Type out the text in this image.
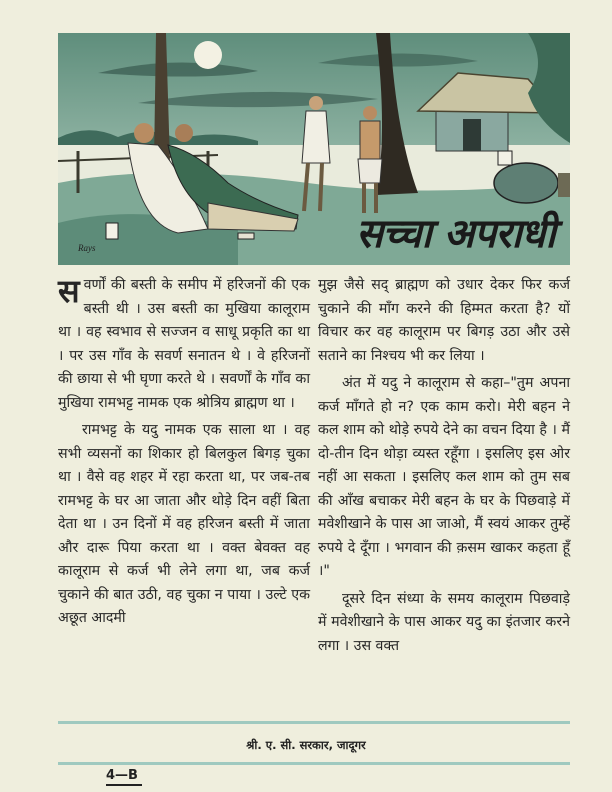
Rays	सच्चा अपराधी

सवर्णों की बस्ती के समीप में हरिजनों की एक बस्ती थी । उस बस्ती का मुखिया कालूराम था । वह स्वभाव से सज्जन व साधू प्रकृति का था । पर उस गाँव के सवर्ण सनातन थे । वे हरिजनों की छाया से भी घृणा करते थे । सवर्णों के गाँव का मुखिया रामभट्ट नामक एक श्रोत्रिय ब्राह्मण था ।

रामभट्ट के यदु नामक एक साला था । वह सभी व्यसनों का शिकार हो बिलकुल बिगड़ चुका था । वैसे वह शहर में रहा करता था, पर जब-तब रामभट्ट के घर आ जाता और थोड़े दिन वहीं बिता देता था । उन दिनों में वह हरिजन बस्ती में जाता और दारू पिया करता था । वक्त बेवक्त वह कालूराम से कर्ज भी लेने लगा था, जब कर्ज चुकाने की बात उठी, वह चुका न पाया । उल्टे एक अछूत आदमी

मुझ जैसे सद् ब्राह्मण को उधार देकर फिर कर्ज चुकाने की माँग करने की हिम्मत करता है? यों विचार कर वह कालूराम पर बिगड़ उठा और उसे सताने का निश्चय भी कर लिया ।

अंत में यदु ने कालूराम से कहा–"तुम अपना कर्ज माँगते हो न? एक काम करो। मेरी बहन ने कल शाम को थोड़े रुपये देने का वचन दिया है । मैं दो-तीन दिन थोड़ा व्यस्त रहूँगा । इसलिए इस ओर नहीं आ सकता । इसलिए कल शाम को तुम सब की आँख बचाकर मेरी बहन के घर के पिछवाड़े में मवेशीखाने के पास आ जाओ, मैं स्वयं आकर तुम्हें रुपये दे दूँगा । भगवान की क़सम खाकर कहता हूँ ।"

दूसरे दिन संध्या के समय कालूराम पिछवाड़े में मवेशीखाने के पास आकर यदु का इंतजार करने लगा । उस वक्त

श्री. ए. सी. सरकार, जादूगर
4—B
